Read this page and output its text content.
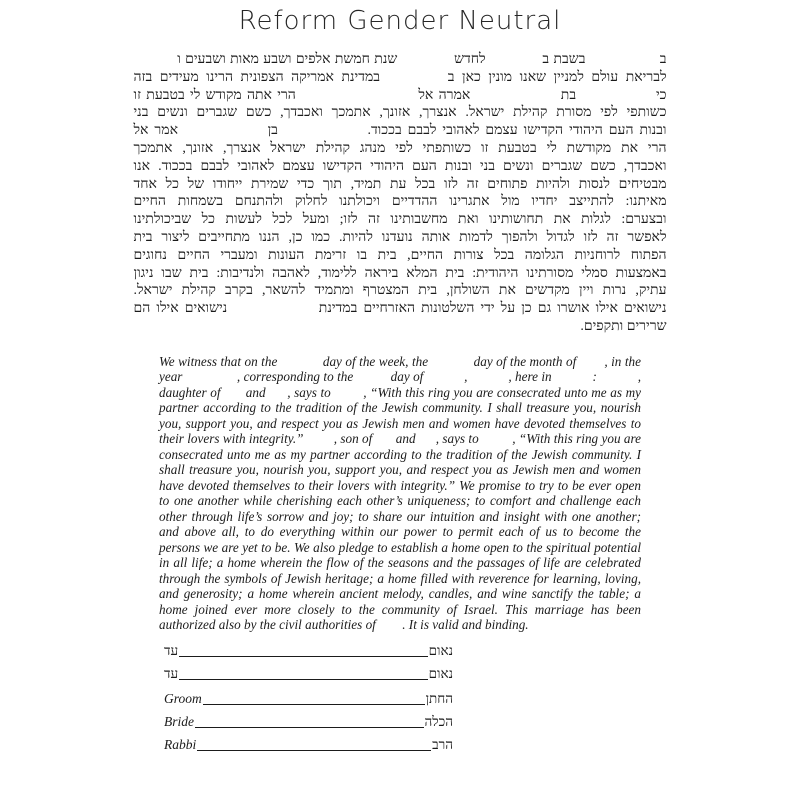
Reform Gender Neutral
ב                 בשבת ב             לחדש             שנת חמשת אלפים ושבע מאות ושבעים ו
לבריאת עולם למניין שאנו מונין כאן ב         במדינת אמריקה הצפונית הרינו מעידים בזה
כי               בת                 אמרה אל                       הרי אתה מקודש לי בטבעת זו
כשותפי לפי מסורת קהילת ישראל. אנצרך, אזונך, אתמכך ואכבדך, כשם שגברים ונשים בני
ובנות העם היהודי הקדישו עצמם לאהובי לבבם בככוד.               בן               אמר אל
הרי את מקודשת לי בטבעת זו כשותפתי לפי מנהג קהילת ישראל אנצרך, אזונך, אתמכך
ואכבדך, כשם שגברים ונשים בני ובנות העם היהודי הקדישו עצמם לאהובי לבבם בככוד. אנו
מבטיחים לנסות ולהיות פתוחים זה לזו בכל עת תמיד, תוך כדי שמירת ייחודו של כל אחד
מאיתנו: להתייצב יחדיו מול אתגרינו ההדדיים ויכולתנו לחלוק ולהתנחם בשמחות החיים
ובצערם: לגלות את תחושותינו ואת מחשבותינו זה לזו; ומעל לכל לעשות כל שביכולתינו
לאפשר זה לזו לגדול ולהפוך לדמות אותה נועדנו להיות. כמו כן, הננו מתחייבים ליצור בית
הפתוח לרוחניות הגלומה בכל צורות החיים, בית בו זרימת העונות ומעברי החיים נחוגים
באמצעות סמלי מסורתינו היהודית: בית המלא ביראה ללימוד, לאהבה ולנדיבות: בית שבו ניגון
עתיק, נרות ויין מקדשים את השולחן, בית המצטרף ומתמיד להשאר, בקרב קהילת ישראל.
נישואים אילו אושרו גם כן על ידי השלטונות האזרחיים במדינת               נישואים אילו הם
שרירים ותקפים.

We witness that on the             day of the week, the             day of the month of        , in the year                , corresponding to the           day of            ,            , here in            :            , daughter of       and      , says to         , “With this ring you are consecrated unto me as my partner according to the tradition of the Jewish community. I shall treasure you, nourish you, support you, and respect you as Jewish men and women have devoted themselves to their lovers with integrity.”         , son of       and      , says to          , “With this ring you are consecrated unto me as my partner according to the tradition of the Jewish community. I shall treasure you, nourish you, support you, and respect you as Jewish men and women have devoted themselves to their lovers with integrity.” We promise to try to be ever open to one another while cherishing each other’s uniqueness; to comfort and challenge each other through life’s sorrow and joy; to share our intuition and insight with one another; and above all, to do everything within our power to permit each of us to become the persons we are yet to be. We also pledge to establish a home open to the spiritual potential in all life; a home wherein the flow of the seasons and the passages of life are celebrated through the symbols of Jewish heritage; a home filled with reverence for learning, loving, and generosity; a home wherein ancient melody, candles, and wine sanctify the table; a home joined ever more closely to the community of Israel. This marriage has been authorized also by the civil authorities of        . It is valid and binding.

עד	נאום
עד	נאום
Groom	החתן
Bride	הכלה
Rabbi	הרב
